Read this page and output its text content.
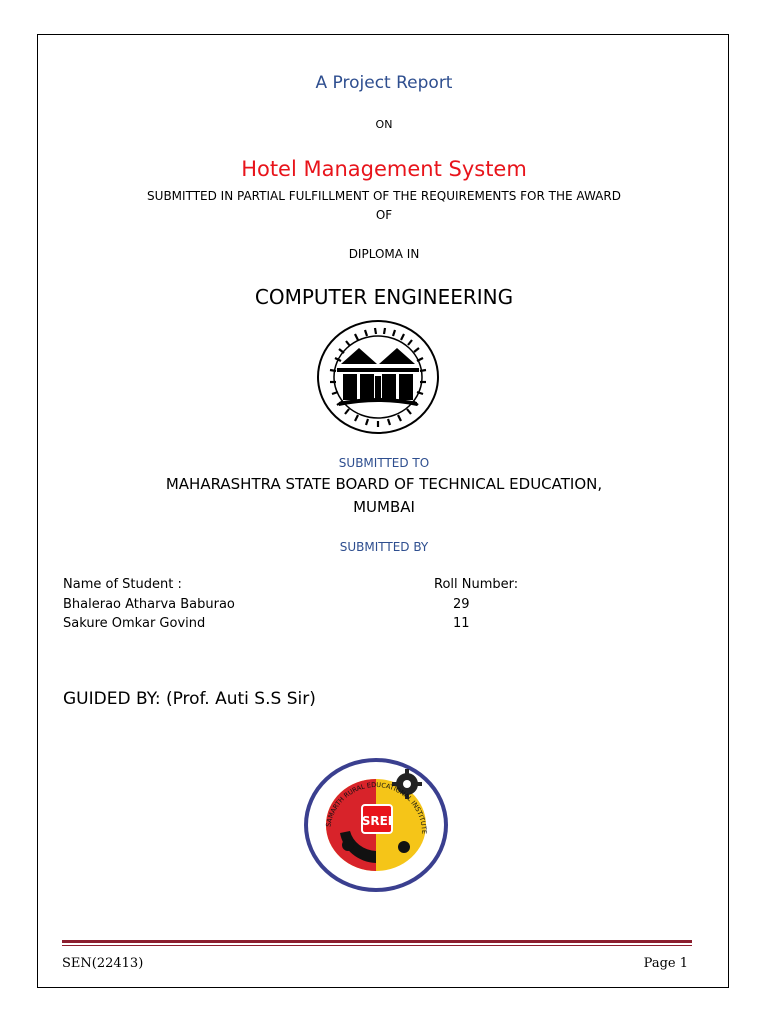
A Project Report
ON
Hotel Management System
SUBMITTED IN PARTIAL FULFILLMENT OF THE REQUIREMENTS FOR THE AWARD
OF
DIPLOMA IN
COMPUTER ENGINEERING
SUBMITTED TO
MAHARASHTRA STATE BOARD OF TECHNICAL EDUCATION,
MUMBAI
SUBMITTED BY
Name of Student :	Roll Number:
Bhalerao Atharva Baburao	29
Sakure Omkar Govind	11
GUIDED BY: (Prof. Auti S.S Sir)
SREI
SAMARTH RURAL EDUCATIONAL INSTITUTE
SEN(22413)	Page 1
